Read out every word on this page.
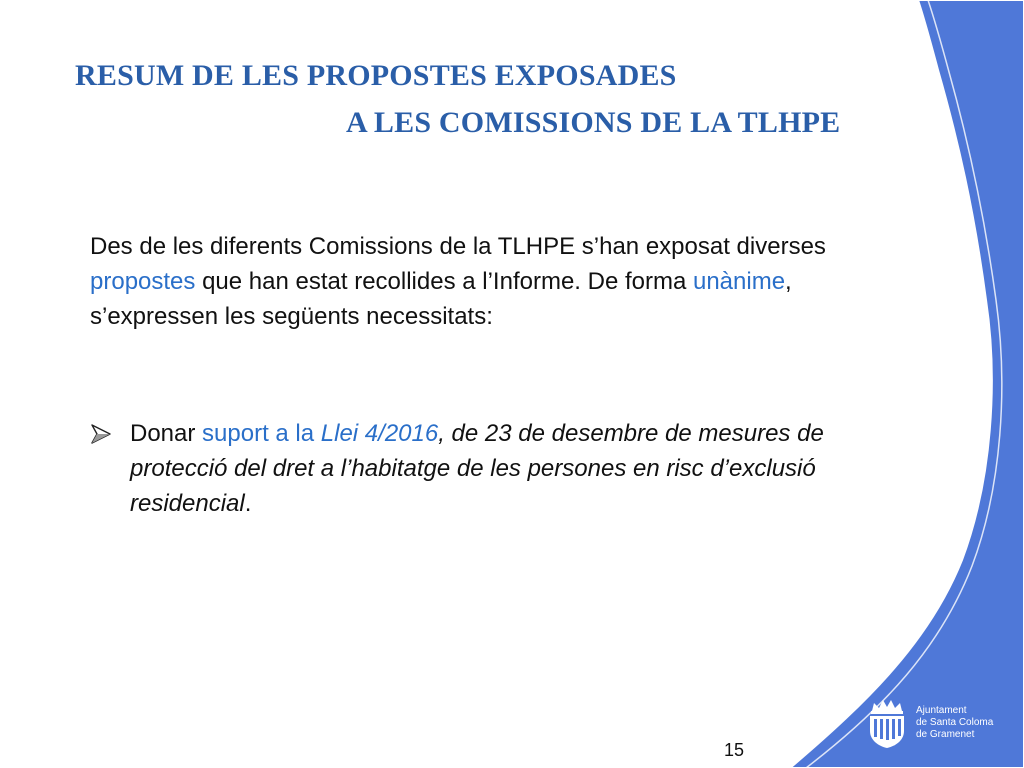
RESUM DE LES PROPOSTES EXPOSADES
A LES COMISSIONS DE LA TLHPE

Des de les diferents Comissions de la TLHPE s’han exposat diverses propostes que han estat recollides a l’Informe. De forma unànime, s’expressen les següents necessitats:

Donar suport a la Llei 4/2016, de 23 de desembre de mesures de protecció del dret a l’habitatge de les persones en risc d’exclusió residencial.
15
Ajuntament
de Santa Coloma
de Gramenet
